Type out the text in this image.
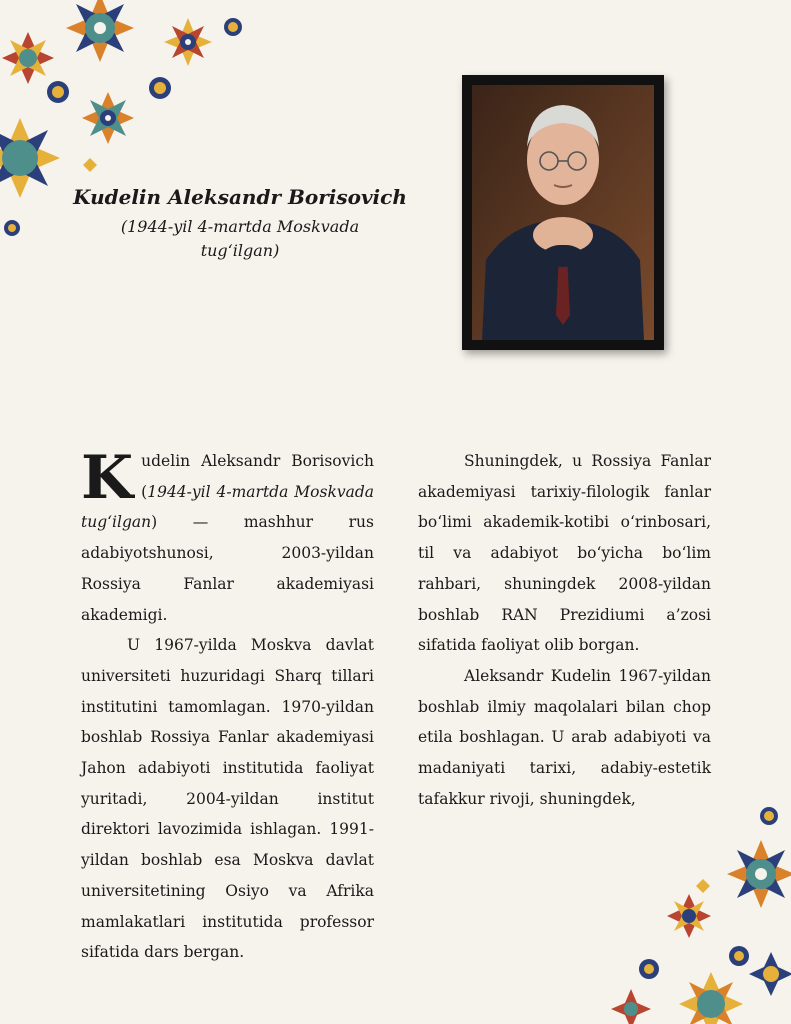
Kudelin Aleksandr Borisovich

(1944-yil 4-martda Moskvada tug‘ilgan)

Kudelin Aleksandr Borisovich (1944-yil 4-martda Moskvada tug‘ilgan) — mashhur rus adabiyotshunosi, 2003-yildan Rossiya Fanlar akademiyasi akademigi.

U 1967-yilda Moskva davlat universiteti huzuridagi Sharq tillari institutini tamomlagan. 1970-yildan boshlab Rossiya Fanlar akademiyasi Jahon adabiyoti institutida faoliyat yuritadi, 2004-yildan institut direktori lavozimida ishlagan. 1991-yildan boshlab esa Moskva davlat universitetining Osiyo va Afrika mamlakatlari institutida professor sifatida dars bergan.

Shuningdek, u Rossiya Fanlar akademiyasi tarixiy-filologik fanlar bo‘limi akademik-kotibi o‘rinbosari, til va adabiyot bo‘yicha bo‘lim rahbari, shuningdek 2008-yildan boshlab RAN Prezidiumi a’zosi sifatida faoliyat olib borgan.

Aleksandr Kudelin 1967-yildan boshlab ilmiy maqolalari bilan chop etila boshlagan. U arab adabiyoti va madaniyati tarixi, adabiy-estetik tafakkur rivoji, shuningdek,
